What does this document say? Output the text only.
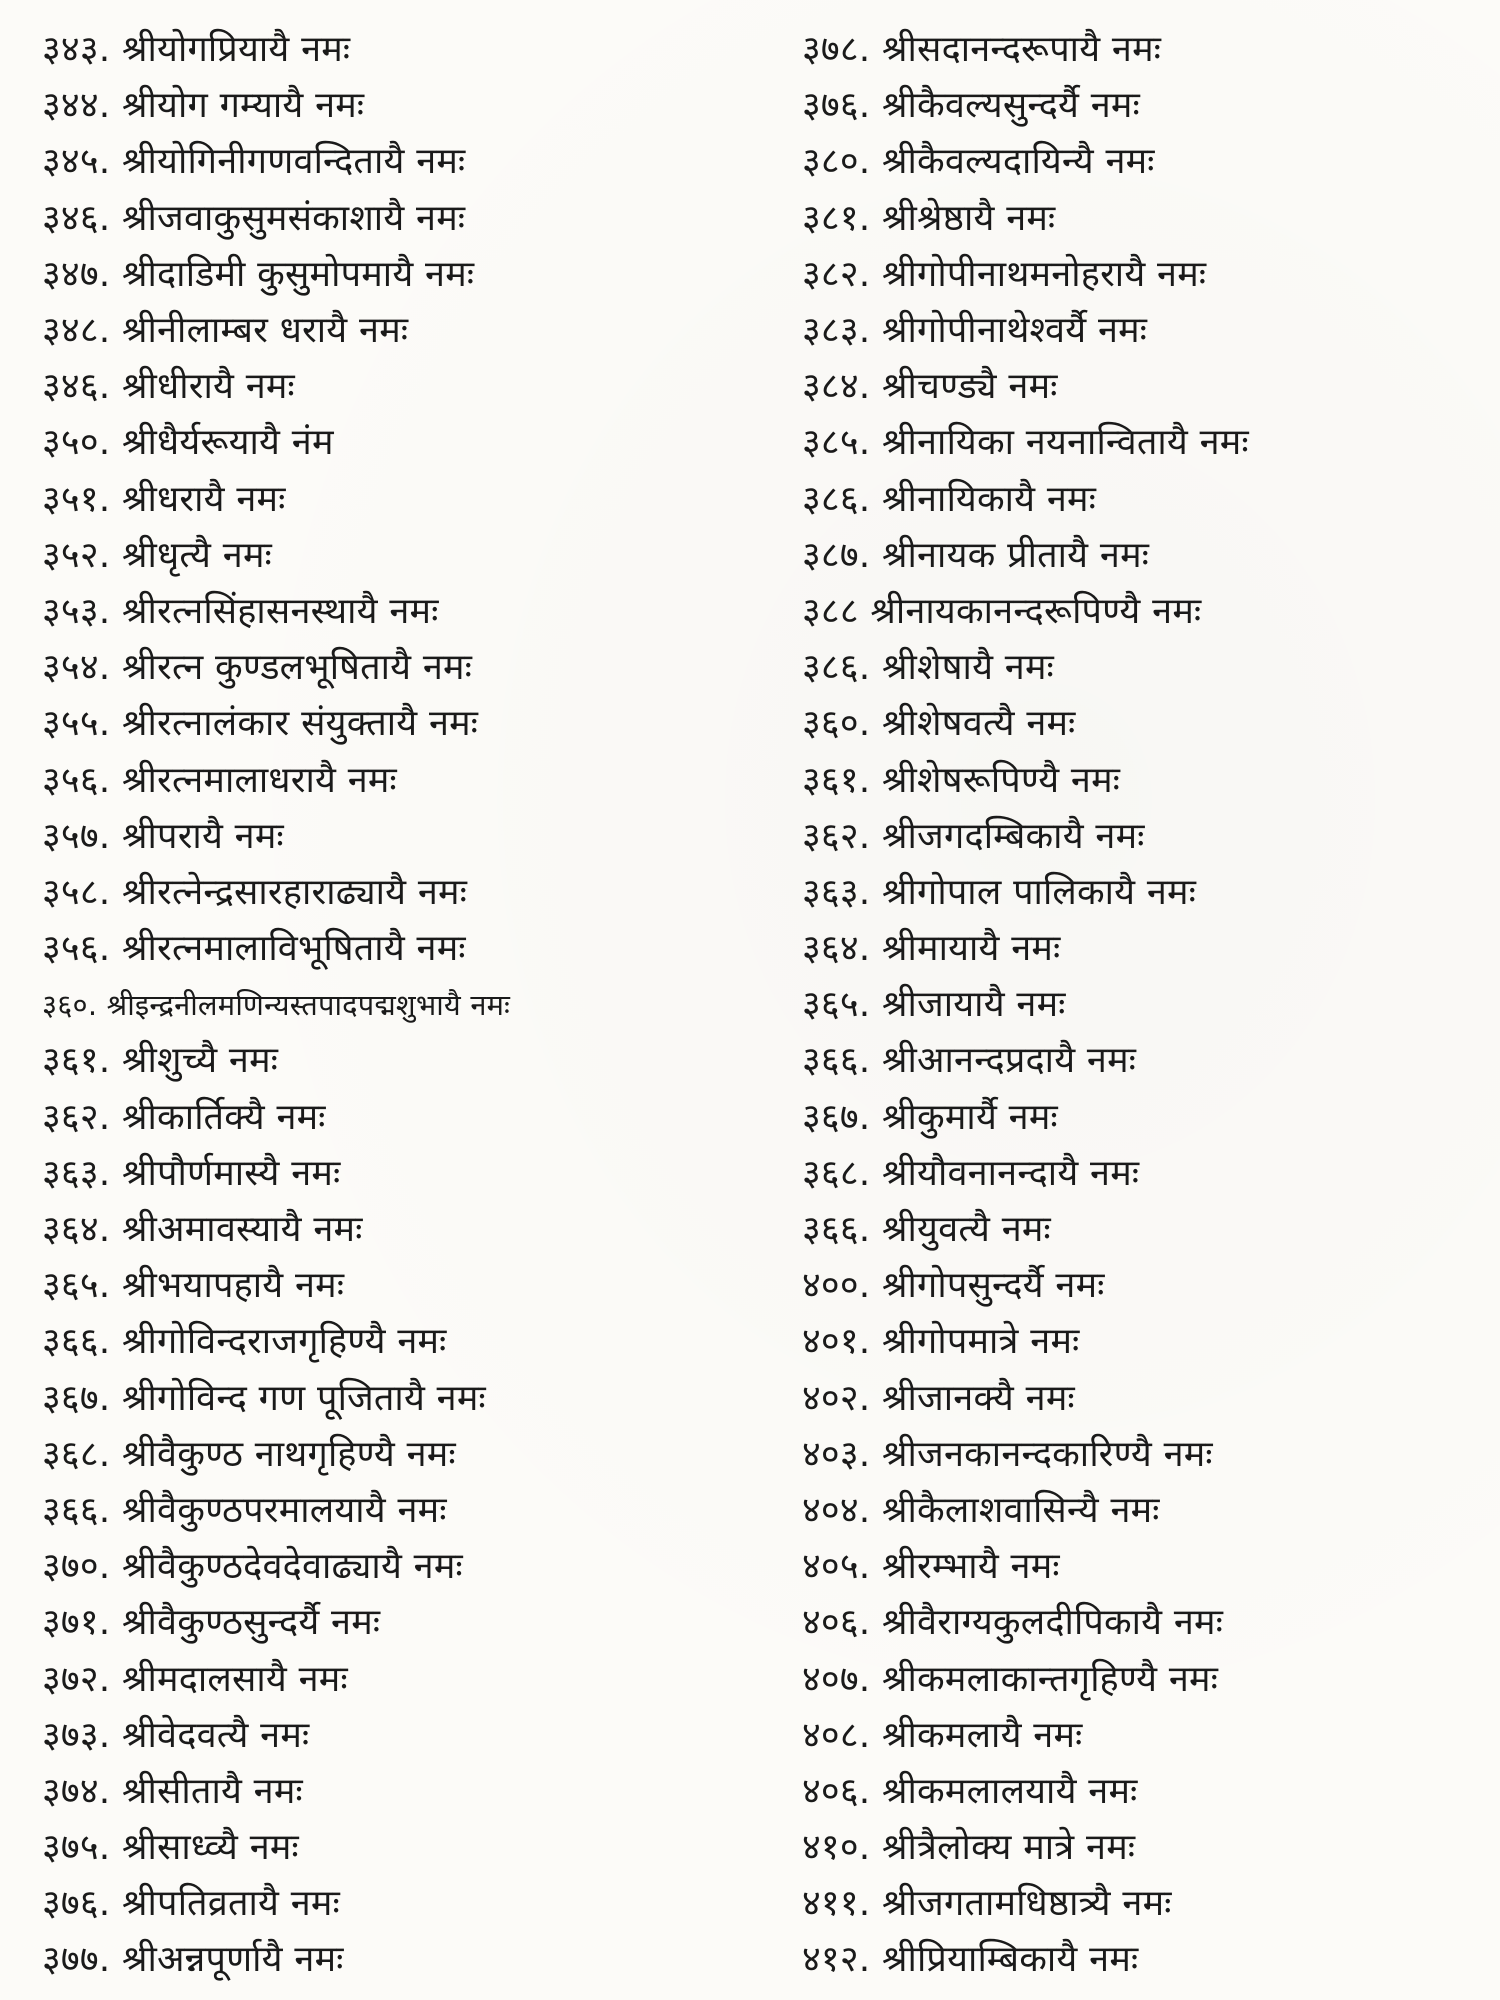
३४३. श्रीयोगप्रियायै नमः
३४४. श्रीयोग गम्यायै नमः
३४५. श्रीयोगिनीगणवन्दितायै नमः
३४६. श्रीजवाकुसुमसंकाशायै नमः
३४७. श्रीदाडिमी कुसुमोपमायै नमः
३४८. श्रीनीलाम्बर धरायै नमः
३४६. श्रीधीरायै नमः
३५०. श्रीधैर्यरूयायै नंम
३५१. श्रीधरायै नमः
३५२. श्रीधृत्यै नमः
३५३. श्रीरत्नसिंहासनस्थायै नमः
३५४. श्रीरत्न कुण्डलभूषितायै नमः
३५५. श्रीरत्नालंकार संयुक्तायै नमः
३५६. श्रीरत्नमालाधरायै नमः
३५७. श्रीपरायै नमः
३५८. श्रीरत्नेन्द्रसारहाराढ्यायै नमः
३५६. श्रीरत्नमालाविभूषितायै नमः
३६०. श्रीइन्द्रनीलमणिन्यस्तपादपद्मशुभायै नमः
३६१. श्रीशुच्यै नमः
३६२. श्रीकार्तिक्यै नमः
३६३. श्रीपौर्णमास्यै नमः
३६४. श्रीअमावस्यायै नमः
३६५. श्रीभयापहायै नमः
३६६. श्रीगोविन्दराजगृहिण्यै नमः
३६७. श्रीगोविन्द गण पूजितायै नमः
३६८. श्रीवैकुण्ठ नाथगृहिण्यै नमः
३६६. श्रीवैकुण्ठपरमालयायै नमः
३७०. श्रीवैकुण्ठदेवदेवाढ्यायै नमः
३७१. श्रीवैकुण्ठसुन्दर्यै नमः
३७२. श्रीमदालसायै नमः
३७३. श्रीवेदवत्यै नमः
३७४. श्रीसीतायै नमः
३७५. श्रीसाध्व्यै नमः
३७६. श्रीपतिव्रतायै नमः
३७७. श्रीअन्नपूर्णायै नमः
३७८. श्रीसदानन्दरूपायै नमः
३७६. श्रीकैवल्यसुन्दर्यै नमः
३८०. श्रीकैवल्यदायिन्यै नमः
३८१. श्रीश्रेष्ठायै नमः
३८२. श्रीगोपीनाथमनोहरायै नमः
३८३. श्रीगोपीनाथेश्वर्यै नमः
३८४. श्रीचण्ड्यै नमः
३८५. श्रीनायिका नयनान्वितायै नमः
३८६. श्रीनायिकायै नमः
३८७. श्रीनायक प्रीतायै नमः
३८८ श्रीनायकानन्दरूपिण्यै नमः
३८६. श्रीशेषायै नमः
३६०. श्रीशेषवत्यै नमः
३६१. श्रीशेषरूपिण्यै नमः
३६२. श्रीजगदम्बिकायै नमः
३६३. श्रीगोपाल पालिकायै नमः
३६४. श्रीमायायै नमः
३६५. श्रीजायायै नमः
३६६. श्रीआनन्दप्रदायै नमः
३६७. श्रीकुमार्यै नमः
३६८. श्रीयौवनानन्दायै नमः
३६६. श्रीयुवत्यै नमः
४००. श्रीगोपसुन्दर्यै नमः
४०१. श्रीगोपमात्रे नमः
४०२. श्रीजानक्यै नमः
४०३. श्रीजनकानन्दकारिण्यै नमः
४०४. श्रीकैलाशवासिन्यै नमः
४०५. श्रीरम्भायै नमः
४०६. श्रीवैराग्यकुलदीपिकायै नमः
४०७. श्रीकमलाकान्तगृहिण्यै नमः
४०८. श्रीकमलायै नमः
४०६. श्रीकमलालयायै नमः
४१०. श्रीत्रैलोक्य मात्रे नमः
४११. श्रीजगतामधिष्ठात्र्यै नमः
४१२. श्रीप्रियाम्बिकायै नमः
